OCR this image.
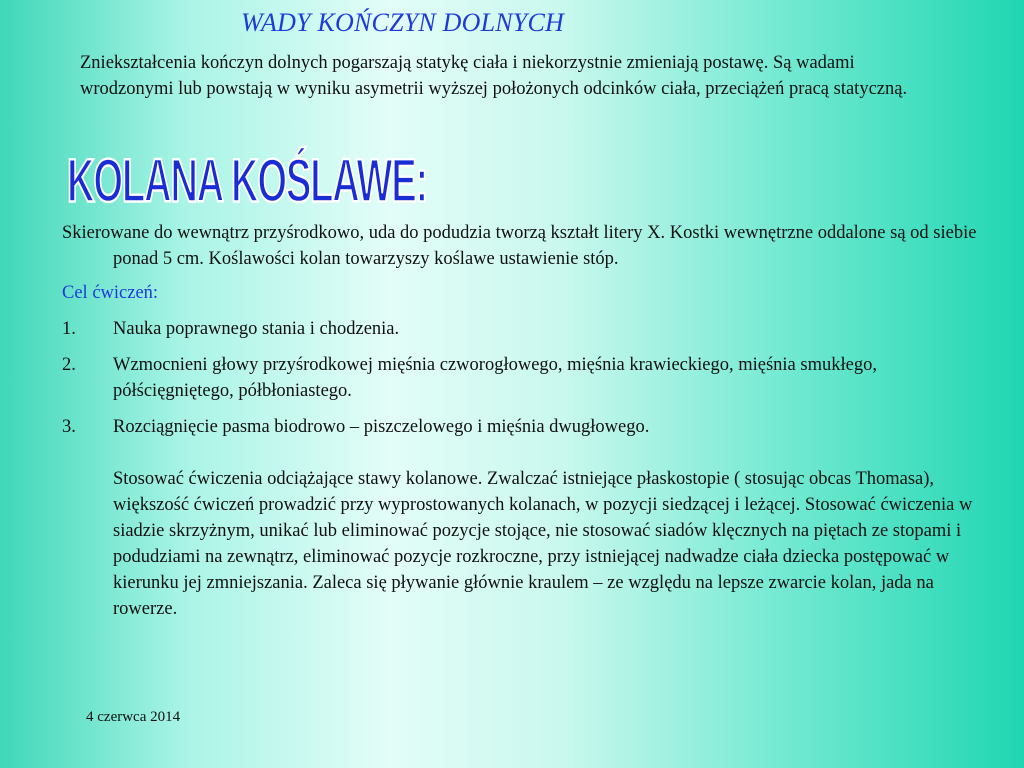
WADY KOŃCZYN DOLNYCH
Zniekształcenia kończyn dolnych pogarszają statykę ciała i niekorzystnie zmieniają postawę. Są wadami wrodzonymi lub powstają w wyniku asymetrii wyższej położonych odcinków ciała, przeciążeń pracą statyczną.
KOLANA KOŚLAWE:
Skierowane do wewnątrz przyśrodkowo, uda do podudzia tworzą kształt litery X. Kostki wewnętrzne oddalone są od siebie ponad 5 cm. Koślawości kolan towarzyszy koślawe ustawienie stóp.
Cel ćwiczeń:
1.	Nauka poprawnego stania i chodzenia.
2.	Wzmocnieni głowy przyśrodkowej mięśnia czworogłowego, mięśnia krawieckiego, mięśnia smukłego, półścięgniętego, półbłoniastego.
3.	Rozciągnięcie pasma biodrowo – piszczelowego i mięśnia dwugłowego.
Stosować ćwiczenia odciążające stawy kolanowe. Zwalczać istniejące płaskostopie ( stosując obcas Thomasa), większość ćwiczeń prowadzić przy wyprostowanych kolanach, w pozycji siedzącej i leżącej. Stosować ćwiczenia w siadzie skrzyżnym, unikać lub eliminować pozycje stojące, nie stosować siadów klęcznych na piętach ze stopami i podudziami na zewnątrz, eliminować pozycje rozkroczne, przy istniejącej nadwadze ciała dziecka postępować w kierunku jej zmniejszania. Zaleca się pływanie głównie kraulem – ze względu na lepsze zwarcie kolan, jada na rowerze.
4 czerwca 2014
